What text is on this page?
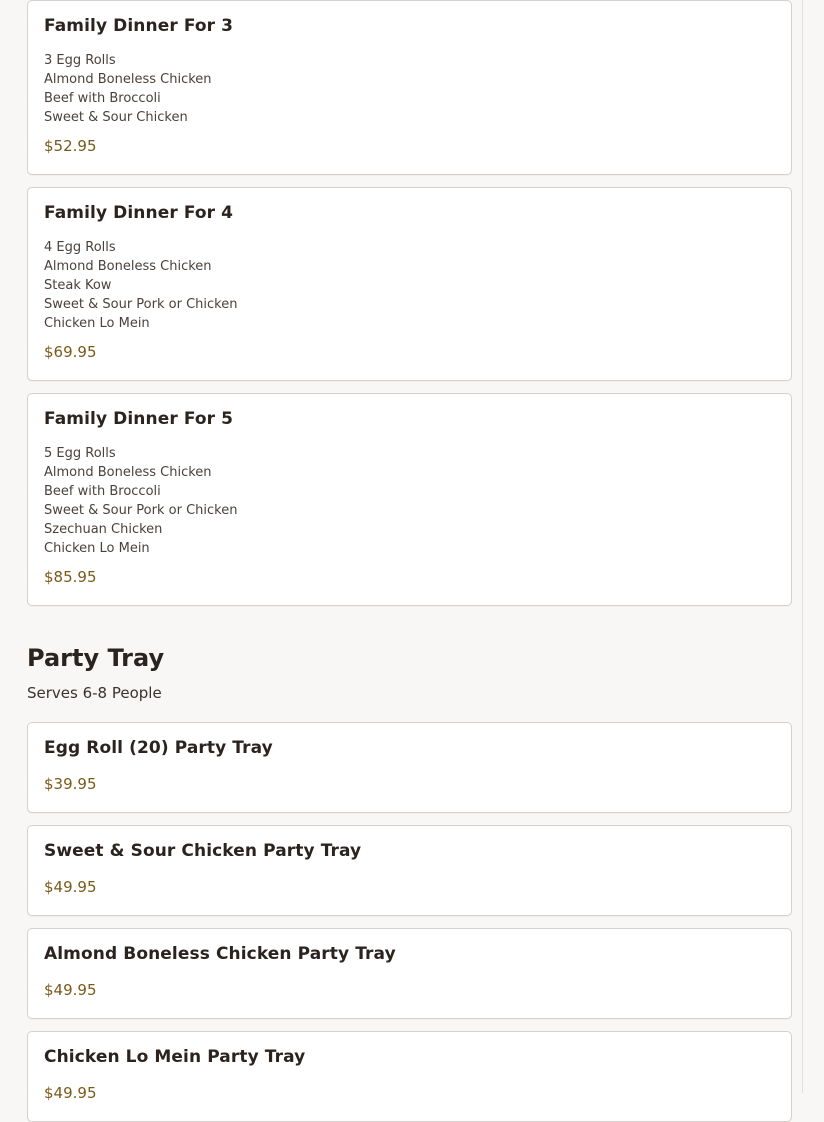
Family Dinner For 3
3 Egg Rolls
Almond Boneless Chicken
Beef with Broccoli
Sweet & Sour Chicken
$52.95
Family Dinner For 4
4 Egg Rolls
Almond Boneless Chicken
Steak Kow
Sweet & Sour Pork or Chicken
Chicken Lo Mein
$69.95
Family Dinner For 5
5 Egg Rolls
Almond Boneless Chicken
Beef with Broccoli
Sweet & Sour Pork or Chicken
Szechuan Chicken
Chicken Lo Mein
$85.95
Party Tray
Serves 6-8 People
Egg Roll (20) Party Tray
$39.95
Sweet & Sour Chicken Party Tray
$49.95
Almond Boneless Chicken Party Tray
$49.95
Chicken Lo Mein Party Tray
$49.95
